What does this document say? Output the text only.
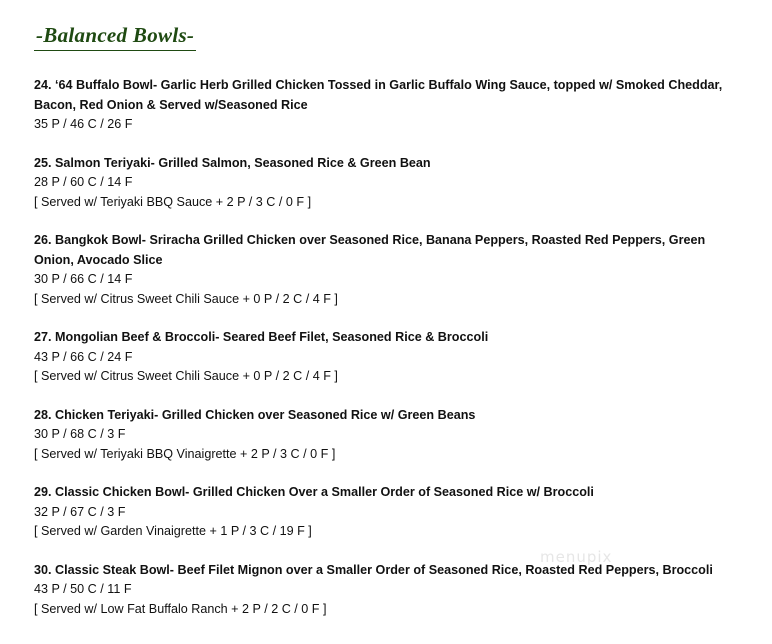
-Balanced Bowls-

24. ‘64 Buffalo Bowl- Garlic Herb Grilled Chicken Tossed in Garlic Buffalo Wing Sauce, topped w/ Smoked Cheddar, Bacon, Red Onion & Served w/Seasoned Rice

35 P / 46 C / 26 F

25. Salmon Teriyaki- Grilled Salmon, Seasoned Rice & Green Bean

28 P / 60 C / 14 F

[ Served w/ Teriyaki BBQ Sauce + 2 P / 3 C / 0 F ]

26. Bangkok Bowl- Sriracha Grilled Chicken over Seasoned Rice, Banana Peppers, Roasted Red Peppers, Green Onion, Avocado Slice

30 P / 66 C / 14 F

[ Served w/ Citrus Sweet Chili Sauce + 0 P / 2 C / 4 F ]

27. Mongolian Beef & Broccoli- Seared Beef Filet, Seasoned Rice & Broccoli

43 P / 66 C / 24 F

[ Served w/ Citrus Sweet Chili Sauce + 0 P / 2 C / 4 F ]

28. Chicken Teriyaki- Grilled Chicken over Seasoned Rice w/ Green Beans

30 P / 68 C / 3 F

[ Served w/ Teriyaki BBQ Vinaigrette + 2 P / 3 C / 0 F ]

29. Classic Chicken Bowl- Grilled Chicken Over a Smaller Order of Seasoned Rice w/ Broccoli

32 P / 67 C / 3 F

[ Served w/ Garden Vinaigrette + 1 P / 3 C / 19 F ]

30. Classic Steak Bowl- Beef Filet Mignon over a Smaller Order of Seasoned Rice, Roasted Red Peppers, Broccoli

43 P / 50 C / 11 F

[ Served w/ Low Fat Buffalo Ranch + 2 P / 2 C / 0 F ]

menupix
